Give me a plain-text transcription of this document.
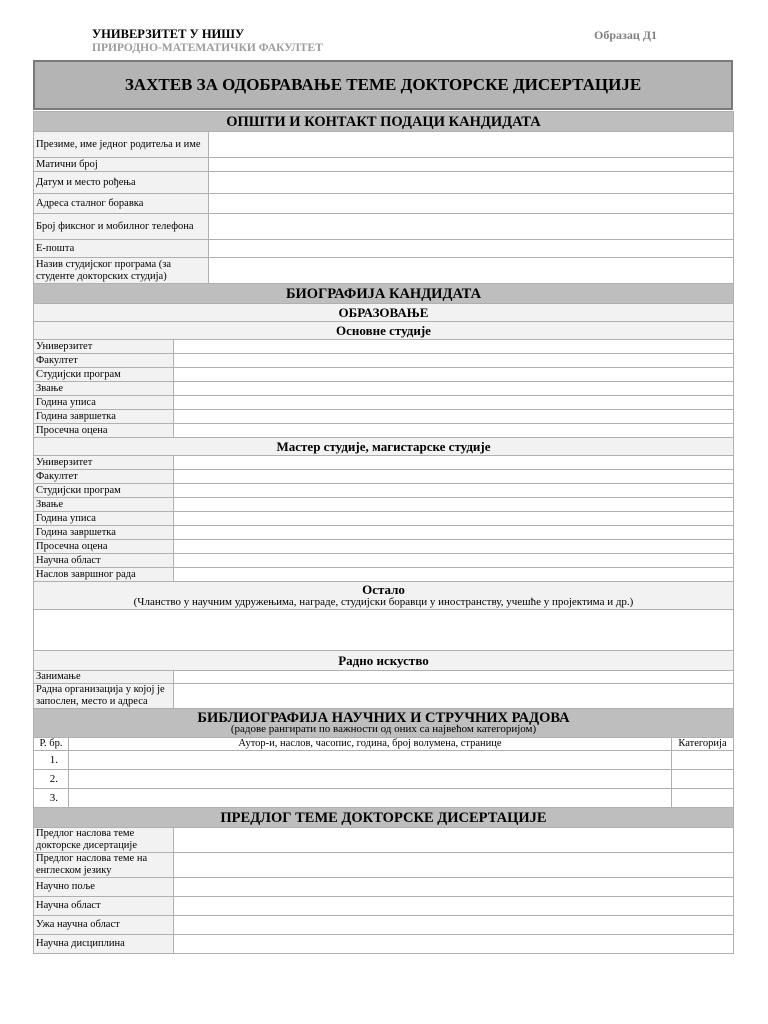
УНИВЕРЗИТЕТ У НИШУ
ПРИРОДНО-МАТЕМАТИЧКИ ФАКУЛТЕТ
Образац Д1
ЗАХТЕВ ЗА ОДОБРАВАЊЕ ТЕМЕ ДОКТОРСКЕ ДИСЕРТАЦИЈЕ
ОПШТИ И КОНТАКТ ПОДАЦИ КАНДИДАТА				
Презиме, име једног родитеља и име				
Матични број				
Датум и место рођења				
Адреса сталног боравка				
Број фиксног и мобилног телефона				
Е-пошта				
Назив студијског програма (за студенте докторских студија)				
БИОГРАФИЈА КАНДИДАТА				
ОБРАЗОВАЊЕ				
Основне студије				
Универзитет				
Факултет				
Студијски програм				
Звање				
Година уписа				
Година завршетка				
Просечна оцена				
Мастер студије, магистарске студије				
Универзитет				
Факултет				
Студијски програм				
Звање				
Година уписа				
Година завршетка				
Просечна оцена				
Научна област				
Наслов завршног рада				

Остало
(Чланство у научним удружењима, награде, студијски боравци у иностранству, учешће у пројектима и др.)				

Радно искуство				
Занимање				
Радна организација у којој је запослен, место и адреса				

БИБЛИОГРАФИЈА НАУЧНИХ И СТРУЧНИХ РАДОВА
(радове рангирати по важности од оних са највећом категоријом)				

Р. бр.	Аутор-и, наслов, часопис, година, број волумена, странице			Категорија
1.				
2.				
3.				
ПРЕДЛОГ ТЕМЕ ДОКТОРСКЕ ДИСЕРТАЦИЈЕ				
Предлог наслова теме докторске дисертације				
Предлог наслова теме на енглеском језику				
Научно поље				
Научна област				
Ужа научна област				
Научна дисциплина				
